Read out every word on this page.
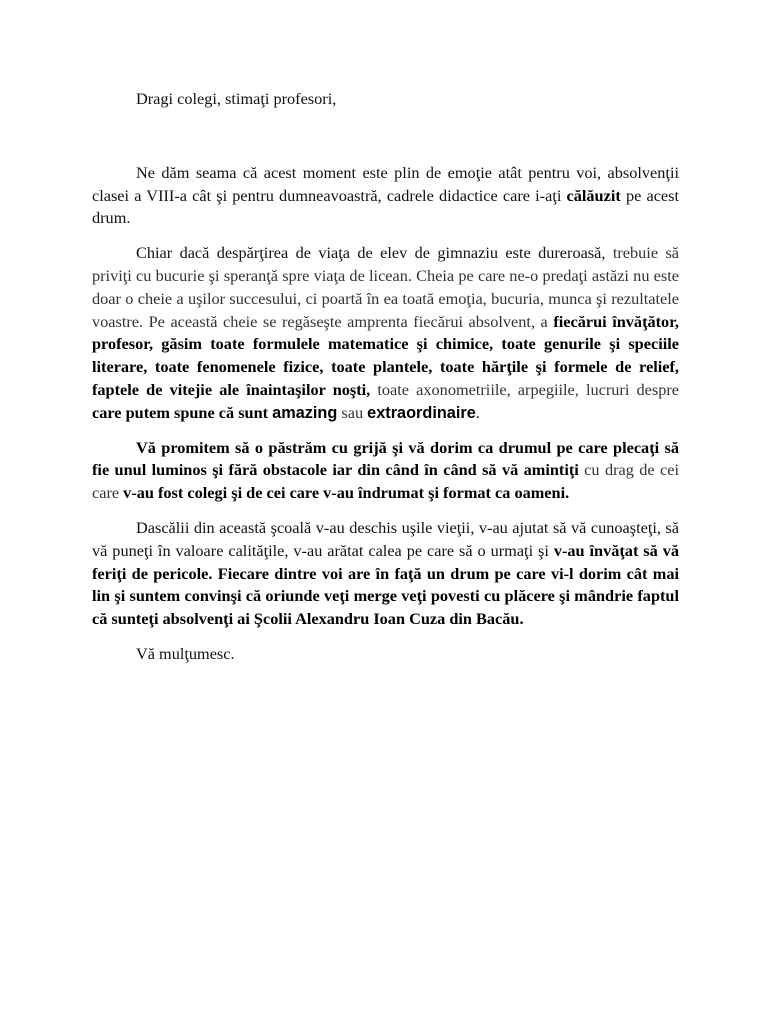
Dragi colegi, stimaţi profesori,

Ne dăm seama că acest moment este plin de emoţie atât pentru voi, absolvenţii clasei a VIII-a cât şi pentru dumneavoastră, cadrele didactice care i-aţi călăuzit pe acest drum.

Chiar dacă despărţirea de viaţa de elev de gimnaziu este dureroasă, trebuie să priviţi cu bucurie şi speranţă spre viaţa de licean. Cheia pe care ne-o predaţi astăzi nu este doar o cheie a uşilor succesului, ci poartă în ea toată emoţia, bucuria, munca şi rezultatele voastre. Pe această cheie se regăseşte amprenta fiecărui absolvent, a fiecărui învăţător, profesor, găsim toate formulele matematice şi chimice, toate genurile şi speciile literare, toate fenomenele fizice, toate plantele, toate hărţile şi formele de relief, faptele de vitejie ale înaintaşilor noşti, toate axonometriile, arpegiile, lucruri despre care putem spune că sunt amazing sau extraordinaire.

Vă promitem să o păstrăm cu grijă şi vă dorim ca drumul pe care plecaţi să fie unul luminos şi fără obstacole iar din când în când să vă amintiţi cu drag de cei care v-au fost colegi şi de cei care v-au îndrumat şi format ca oameni.

Dascălii din această şcoală v-au deschis uşile vieţii, v-au ajutat să vă cunoaşteţi, să vă puneţi în valoare calităţile, v-au arătat calea pe care să o urmaţi şi v-au învăţat să vă feriţi de pericole. Fiecare dintre voi are în faţă un drum pe care vi-l dorim cât mai lin şi suntem convinşi că oriunde veţi merge veţi povesti cu plăcere şi mândrie faptul că sunteţi absolvenţi ai Şcolii Alexandru Ioan Cuza din Bacău.

Vă mulţumesc.
